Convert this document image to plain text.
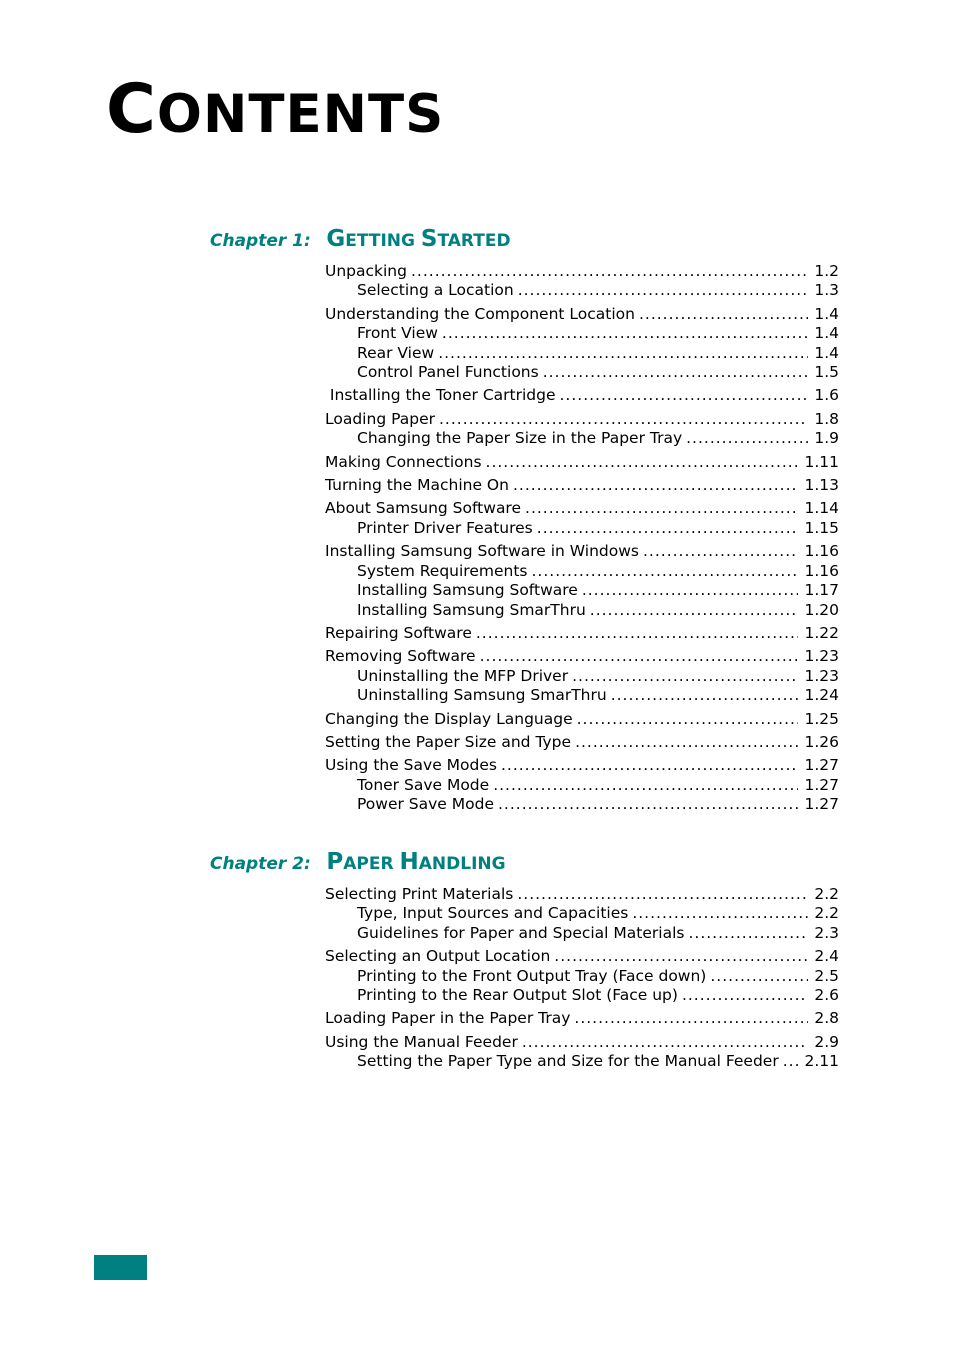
CONTENTS
Chapter 1: GETTING STARTED
Unpacking .....	1.2
Selecting a Location .....	1.3
Understanding the Component Location .....	1.4
Front View .....	1.4
Rear View .....	1.4
Control Panel Functions .....	1.5
Installing the Toner Cartridge .....	1.6
Loading Paper .....	1.8
Changing the Paper Size in the Paper Tray .....	1.9
Making Connections .....	1.11
Turning the Machine On .....	1.13
About Samsung Software .....	1.14
Printer Driver Features .....	1.15
Installing Samsung Software in Windows .....	1.16
System Requirements .....	1.16
Installing Samsung Software .....	1.17
Installing Samsung SmarThru .....	1.20
Repairing Software .....	1.22
Removing Software .....	1.23
Uninstalling the MFP Driver .....	1.23
Uninstalling Samsung SmarThru .....	1.24
Changing the Display Language .....	1.25
Setting the Paper Size and Type .....	1.26
Using the Save Modes .....	1.27
Toner Save Mode .....	1.27
Power Save Mode .....	1.27
Chapter 2: PAPER HANDLING
Selecting Print Materials .....	2.2
Type, Input Sources and Capacities .....	2.2
Guidelines for Paper and Special Materials .....	2.3
Selecting an Output Location .....	2.4
Printing to the Front Output Tray (Face down) .....	2.5
Printing to the Rear Output Slot (Face up) .....	2.6
Loading Paper in the Paper Tray .....	2.8
Using the Manual Feeder .....	2.9
Setting the Paper Type and Size for the Manual Feeder .....	2.11
